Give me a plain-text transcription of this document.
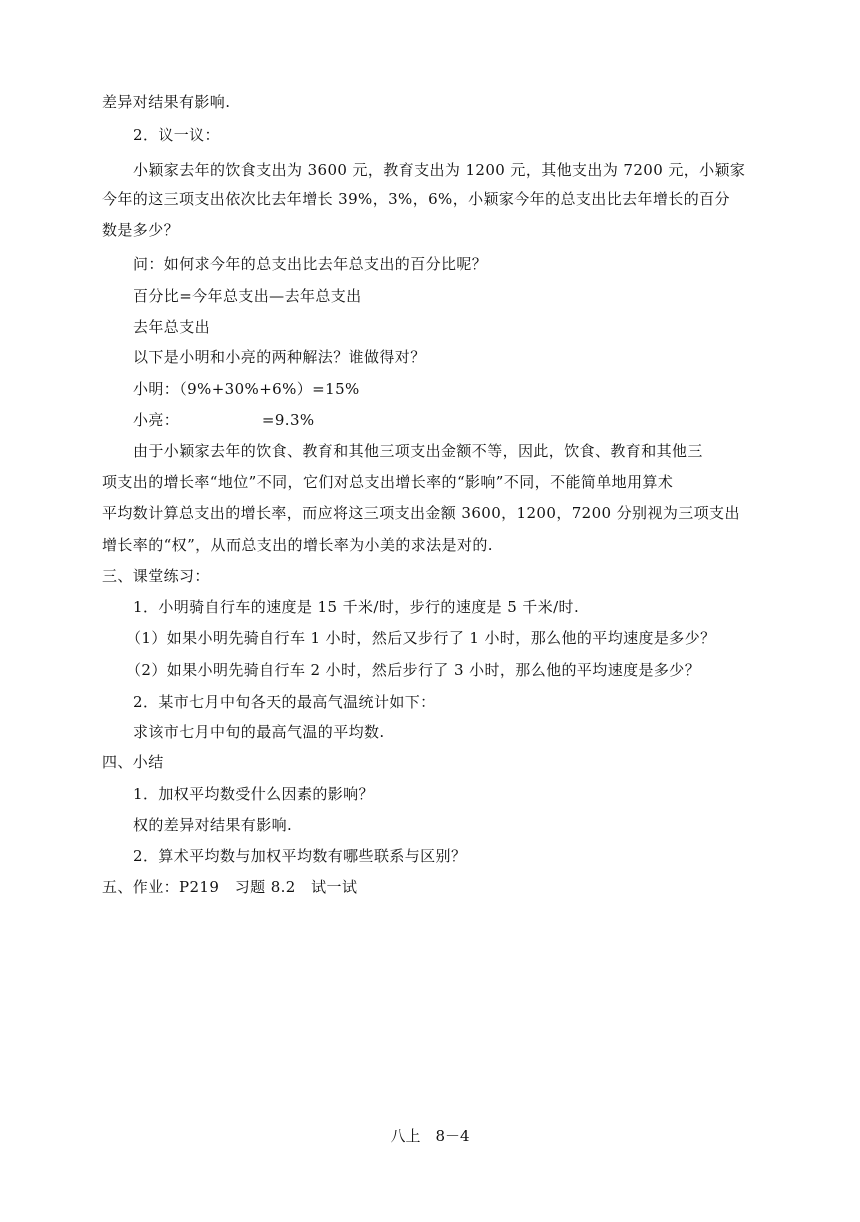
差异对结果有影响.
2．议一议：
小颖家去年的饮食支出为 3600 元，教育支出为 1200 元，其他支出为 7200 元，小颖家
今年的这三项支出依次比去年增长 39%，3%，6%，小颖家今年的总支出比去年增长的百分
数是多少？
问：如何求今年的总支出比去年总支出的百分比呢？
百分比=今年总支出—去年总支出
去年总支出
以下是小明和小亮的两种解法？谁做得对？
小明：（9%+30%+6%）=15%
小亮：                =9.3%
由于小颖家去年的饮食、教育和其他三项支出金额不等，因此，饮食、教育和其他三
项支出的增长率“地位”不同，它们对总支出增长率的“影响”不同，不能简单地用算术
平均数计算总支出的增长率，而应将这三项支出金额 3600，1200，7200 分别视为三项支出
增长率的“权”，从而总支出的增长率为小美的求法是对的.
三、课堂练习：
1．小明骑自行车的速度是 15 千米/时，步行的速度是 5 千米/时.
（1）如果小明先骑自行车 1 小时，然后又步行了 1 小时，那么他的平均速度是多少？
（2）如果小明先骑自行车 2 小时，然后步行了 3 小时，那么他的平均速度是多少？
2．某市七月中旬各天的最高气温统计如下：
求该市七月中旬的最高气温的平均数.
四、小结
1．加权平均数受什么因素的影响？
权的差异对结果有影响.
2．算术平均数与加权平均数有哪些联系与区别？
五、作业：P219　习题 8.2　试一试
八上　8－4
